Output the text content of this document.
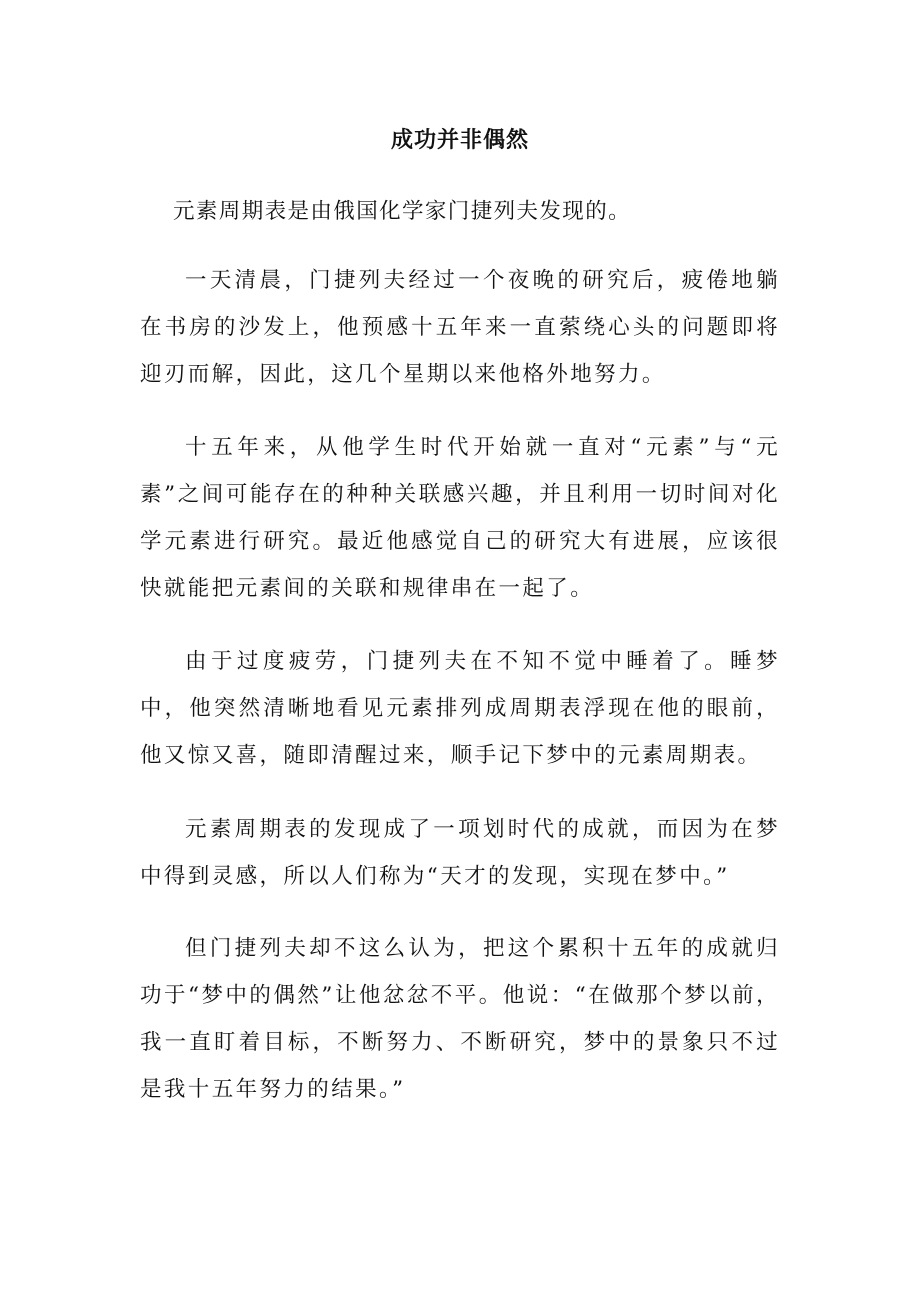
成功并非偶然

元素周期表是由俄国化学家门捷列夫发现的。

一天清晨，门捷列夫经过一个夜晚的研究后，疲倦地躺在书房的沙发上，他预感十五年来一直萦绕心头的问题即将迎刃而解，因此，这几个星期以来他格外地努力。

十五年来，从他学生时代开始就一直对“元素”与“元素”之间可能存在的种种关联感兴趣，并且利用一切时间对化学元素进行研究。最近他感觉自己的研究大有进展，应该很快就能把元素间的关联和规律串在一起了。

由于过度疲劳，门捷列夫在不知不觉中睡着了。睡梦中，他突然清晰地看见元素排列成周期表浮现在他的眼前，他又惊又喜，随即清醒过来，顺手记下梦中的元素周期表。

元素周期表的发现成了一项划时代的成就，而因为在梦中得到灵感，所以人们称为“天才的发现，实现在梦中。”

但门捷列夫却不这么认为，把这个累积十五年的成就归功于“梦中的偶然”让他忿忿不平。他说：“在做那个梦以前，我一直盯着目标，不断努力、不断研究，梦中的景象只不过是我十五年努力的结果。”
